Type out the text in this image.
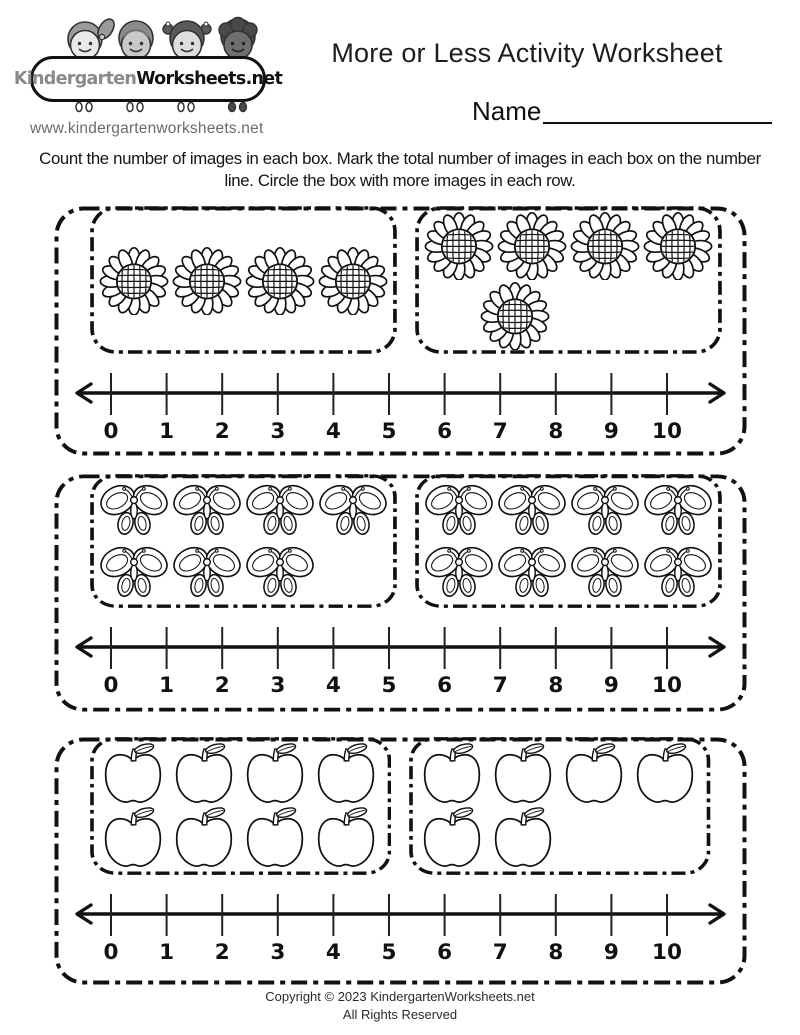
Kindergarten Worksheets.net
www.kindergartenworksheets.net
More or Less Activity Worksheet
Name

Count the number of images in each box. Mark the total number of images in each box on the number line. Circle the box with more images in each row.

0 1 2 3 4 5 6 7 8 9 10
0 1 2 3 4 5 6 7 8 9 10
0 1 2 3 4 5 6 7 8 9 10
Copyright © 2023 KindergartenWorksheets.net
All Rights Reserved
